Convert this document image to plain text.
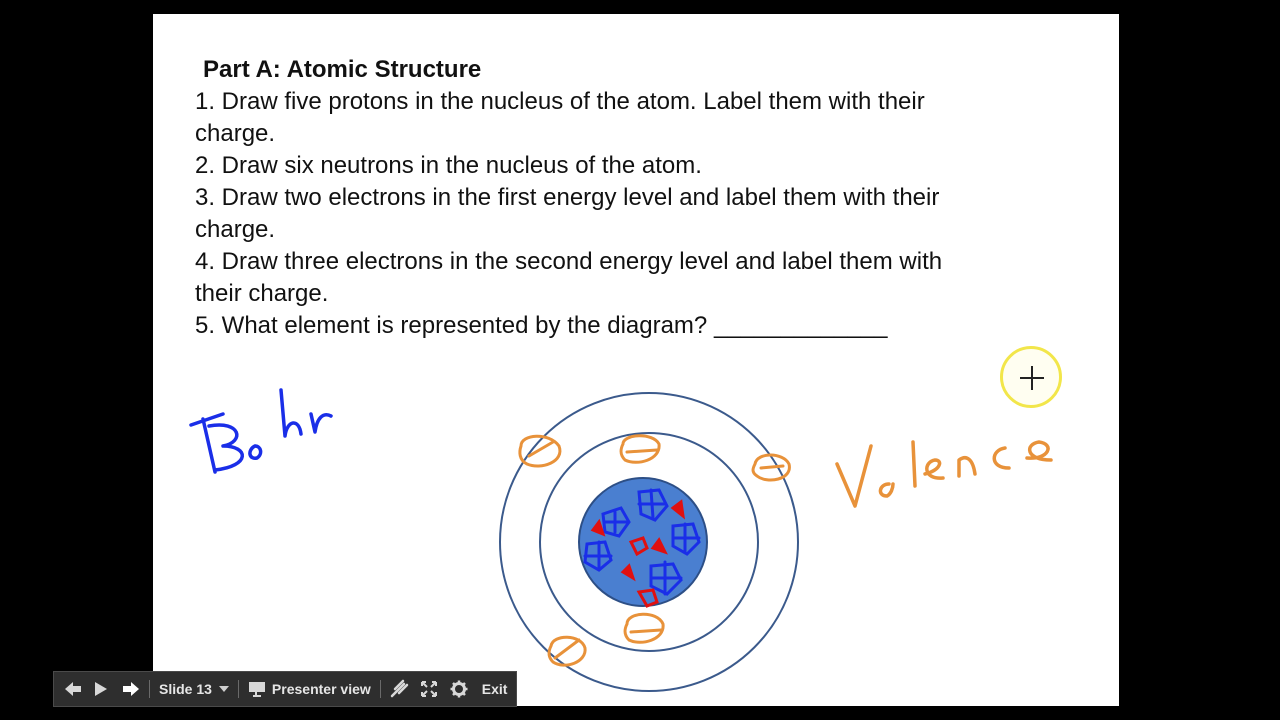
Part A: Atomic Structure
1. Draw five protons in the nucleus of the atom. Label them with their
charge.
2. Draw six neutrons in the nucleus of the atom.
3. Draw two electrons in the first energy level and label them with their
charge.
4. Draw three electrons in the second energy level and label them with
their charge.
5. What element is represented by the diagram? _____________
Slide 13	Presenter view	Exit
